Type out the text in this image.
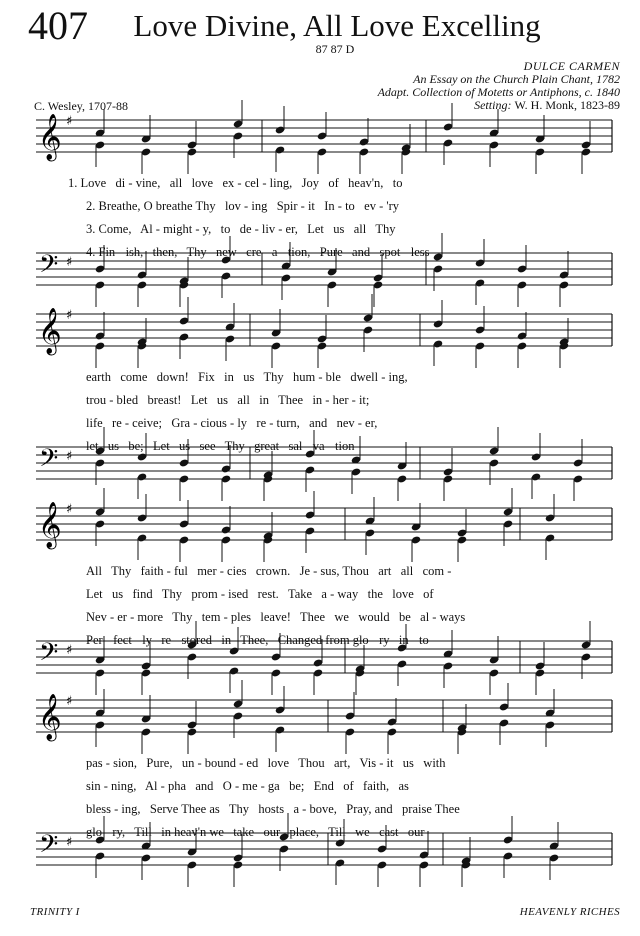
407	Love Divine, All Love Excelling
87 87 D
DULCE CARMEN
An Essay on the Church Plain Chant, 1782
Adapt. Collection of Motetts or Antiphons, c. 1840
Setting: W. H. Monk, 1823-89
C. Wesley, 1707-88
𝄞 ♯
𝄢 ♯
𝄞 ♯
𝄢 ♯
𝄞 ♯
𝄢 ♯
𝄞 ♯
𝄢 ♯
1. Love   di - vine,   all   love   ex - cel - ling,   Joy   of   heav'n,   to
2. Breathe, O breathe Thy   lov - ing   Spir - it   In - to   ev - 'ry
3. Come,   Al - might - y,   to   de - liv - er,   Let   us   all   Thy
4. Fin - ish,   then,   Thy   new   cre - a - tion,   Pure   and   spot - less
earth   come   down!   Fix   in   us   Thy   hum - ble   dwell - ing,
trou - bled   breast!   Let   us   all   in   Thee   in - her - it;
life   re - ceive;   Gra - cious - ly   re - turn,   and   nev - er,
let   us   be;   Let   us   see   Thy   great   sal - va - tion
All   Thy   faith - ful   mer - cies   crown.   Je - sus, Thou   art   all   com -
Let   us   find   Thy   prom - ised   rest.   Take   a - way   the   love   of
Nev - er - more   Thy   tem - ples   leave!   Thee   we   would   be   al - ways
Per - fect - ly   re - stored   in   Thee,   Changed from glo - ry   in - to
pas - sion,   Pure,   un - bound - ed   love   Thou   art,   Vis - it   us   with
sin - ning,   Al - pha   and   O - me - ga   be;   End   of   faith,   as
bless - ing,   Serve Thee as   Thy   hosts   a - bove,   Pray, and   praise Thee
glo - ry,   Till   in heav'n we   take   our   place,   Till   we   cast   our
TRINITY I	HEAVENLY RICHES
